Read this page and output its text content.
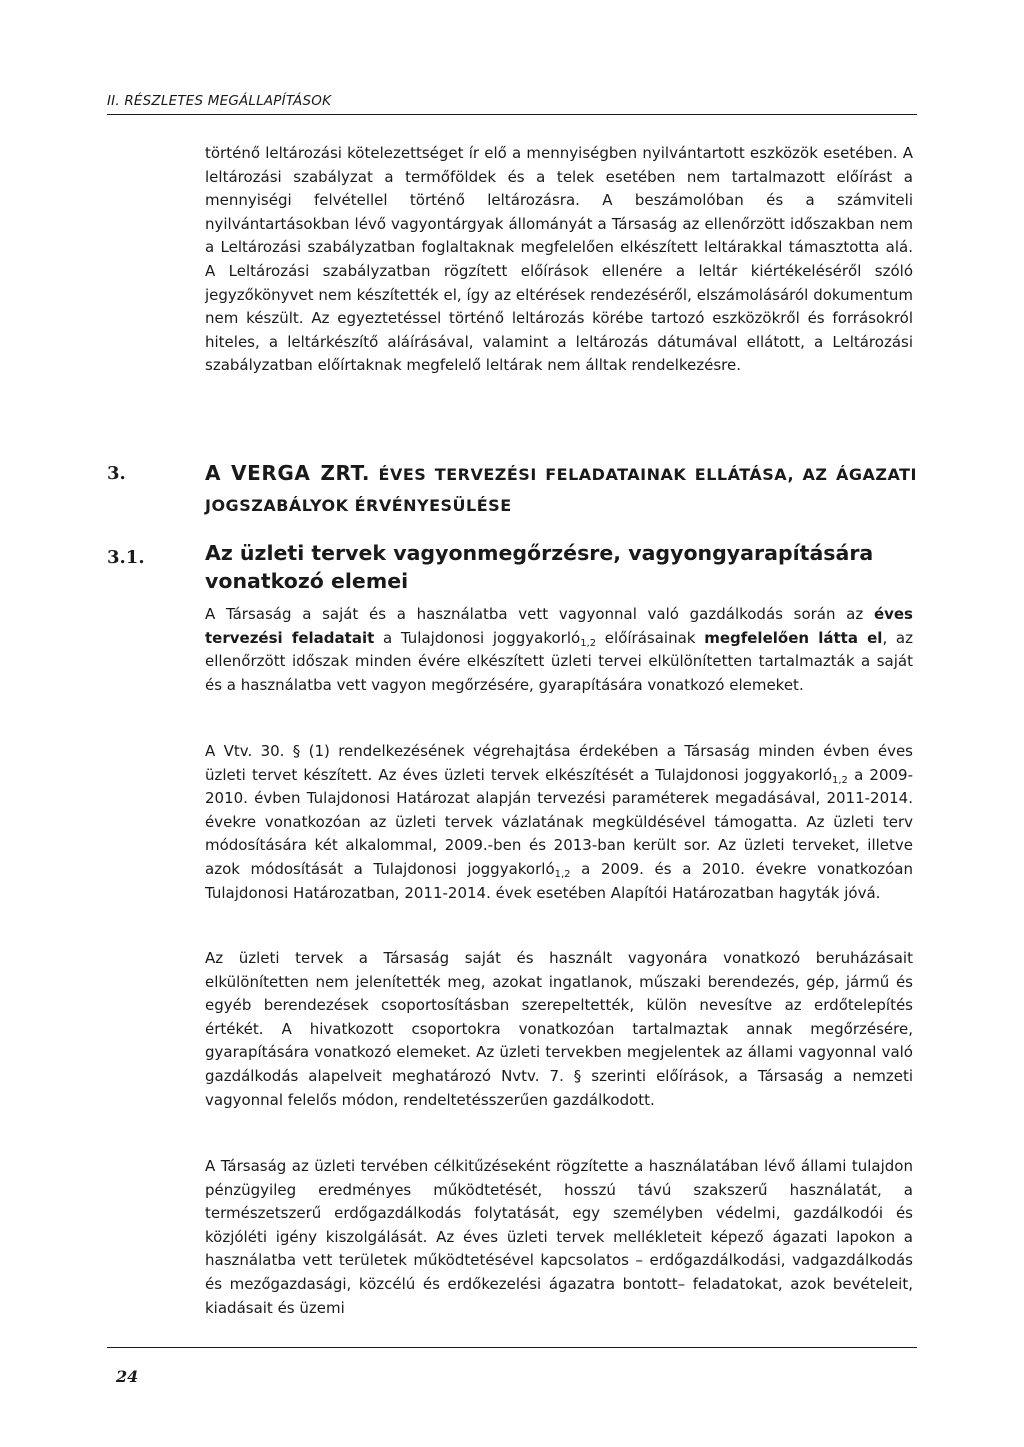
II. RÉSZLETES MEGÁLLAPÍTÁSOK

történő leltározási kötelezettséget ír elő a mennyiségben nyilvántartott eszközök esetében. A leltározási szabályzat a termőföldek és a telek esetében nem tartalmazott előírást a mennyiségi felvétellel történő leltározásra. A beszámolóban és a számviteli nyilvántartásokban lévő vagyontárgyak állományát a Társaság az ellenőrzött időszakban nem a Leltározási szabályzatban foglaltaknak megfelelően elkészített leltárakkal támasztotta alá. A Leltározási szabályzatban rögzített előírások ellenére a leltár kiértékeléséről szóló jegyzőkönyvet nem készítették el, így az eltérések rendezéséről, elszámolásáról dokumentum nem készült. Az egyeztetéssel történő leltározás körébe tartozó eszközökről és forrásokról hiteles, a leltárkészítő aláírásával, valamint a leltározás dátumával ellátott, a Leltározási szabályzatban előírtaknak megfelelő leltárak nem álltak rendelkezésre.

3.	A VERGA ZRT. ÉVES TERVEZÉSI FELADATAINAK ELLÁTÁSA, AZ ÁGAZATI JOGSZABÁLYOK ÉRVÉNYESÜLÉSE

3.1.	Az üzleti tervek vagyonmegőrzésre, vagyongyarapítására vonatkozó elemei

A Társaság a saját és a használatba vett vagyonnal való gazdálkodás során az éves tervezési feladatait a Tulajdonosi joggyakorló$_{1,2}$ előírásainak megfelelően látta el, az ellenőrzött időszak minden évére elkészített üzleti tervei elkülönítetten tartalmazták a saját és a használatba vett vagyon megőrzésére, gyarapítására vonatkozó elemeket.

A Vtv. 30. § (1) rendelkezésének végrehajtása érdekében a Társaság minden évben éves üzleti tervet készített. Az éves üzleti tervek elkészítését a Tulajdonosi joggyakorló$_{1,2}$ a 2009-2010. évben Tulajdonosi Határozat alapján tervezési paraméterek megadásával, 2011-2014. évekre vonatkozóan az üzleti tervek vázlatának megküldésével támogatta. Az üzleti terv módosítására két alkalommal, 2009.-ben és 2013-ban került sor. Az üzleti terveket, illetve azok módosítását a Tulajdonosi joggyakorló$_{1,2}$ a 2009. és a 2010. évekre vonatkozóan Tulajdonosi Határozatban, 2011-2014. évek esetében Alapítói Határozatban hagyták jóvá.

Az üzleti tervek a Társaság saját és használt vagyonára vonatkozó beruházásait elkülönítetten nem jelenítették meg, azokat ingatlanok, műszaki berendezés, gép, jármű és egyéb berendezések csoportosításban szerepeltették, külön nevesítve az erdőtelepítés értékét. A hivatkozott csoportokra vonatkozóan tartalmaztak annak megőrzésére, gyarapítására vonatkozó elemeket. Az üzleti tervekben megjelentek az állami vagyonnal való gazdálkodás alapelveit meghatározó Nvtv. 7. § szerinti előírások, a Társaság a nemzeti vagyonnal felelős módon, rendeltetésszerűen gazdálkodott.

A Társaság az üzleti tervében célkitűzéseként rögzítette a használatában lévő állami tulajdon pénzügyileg eredményes működtetését, hosszú távú szakszerű használatát, a természetszerű erdőgazdálkodás folytatását, egy személyben védelmi, gazdálkodói és közjóléti igény kiszolgálását. Az éves üzleti tervek mellékleteit képező ágazati lapokon a használatba vett területek működtetésével kapcsolatos – erdőgazdálkodási, vadgazdálkodás és mezőgazdasági, közcélú és erdőkezelési ágazatra bontott– feladatokat, azok bevételeit, kiadásait és üzemi

24
